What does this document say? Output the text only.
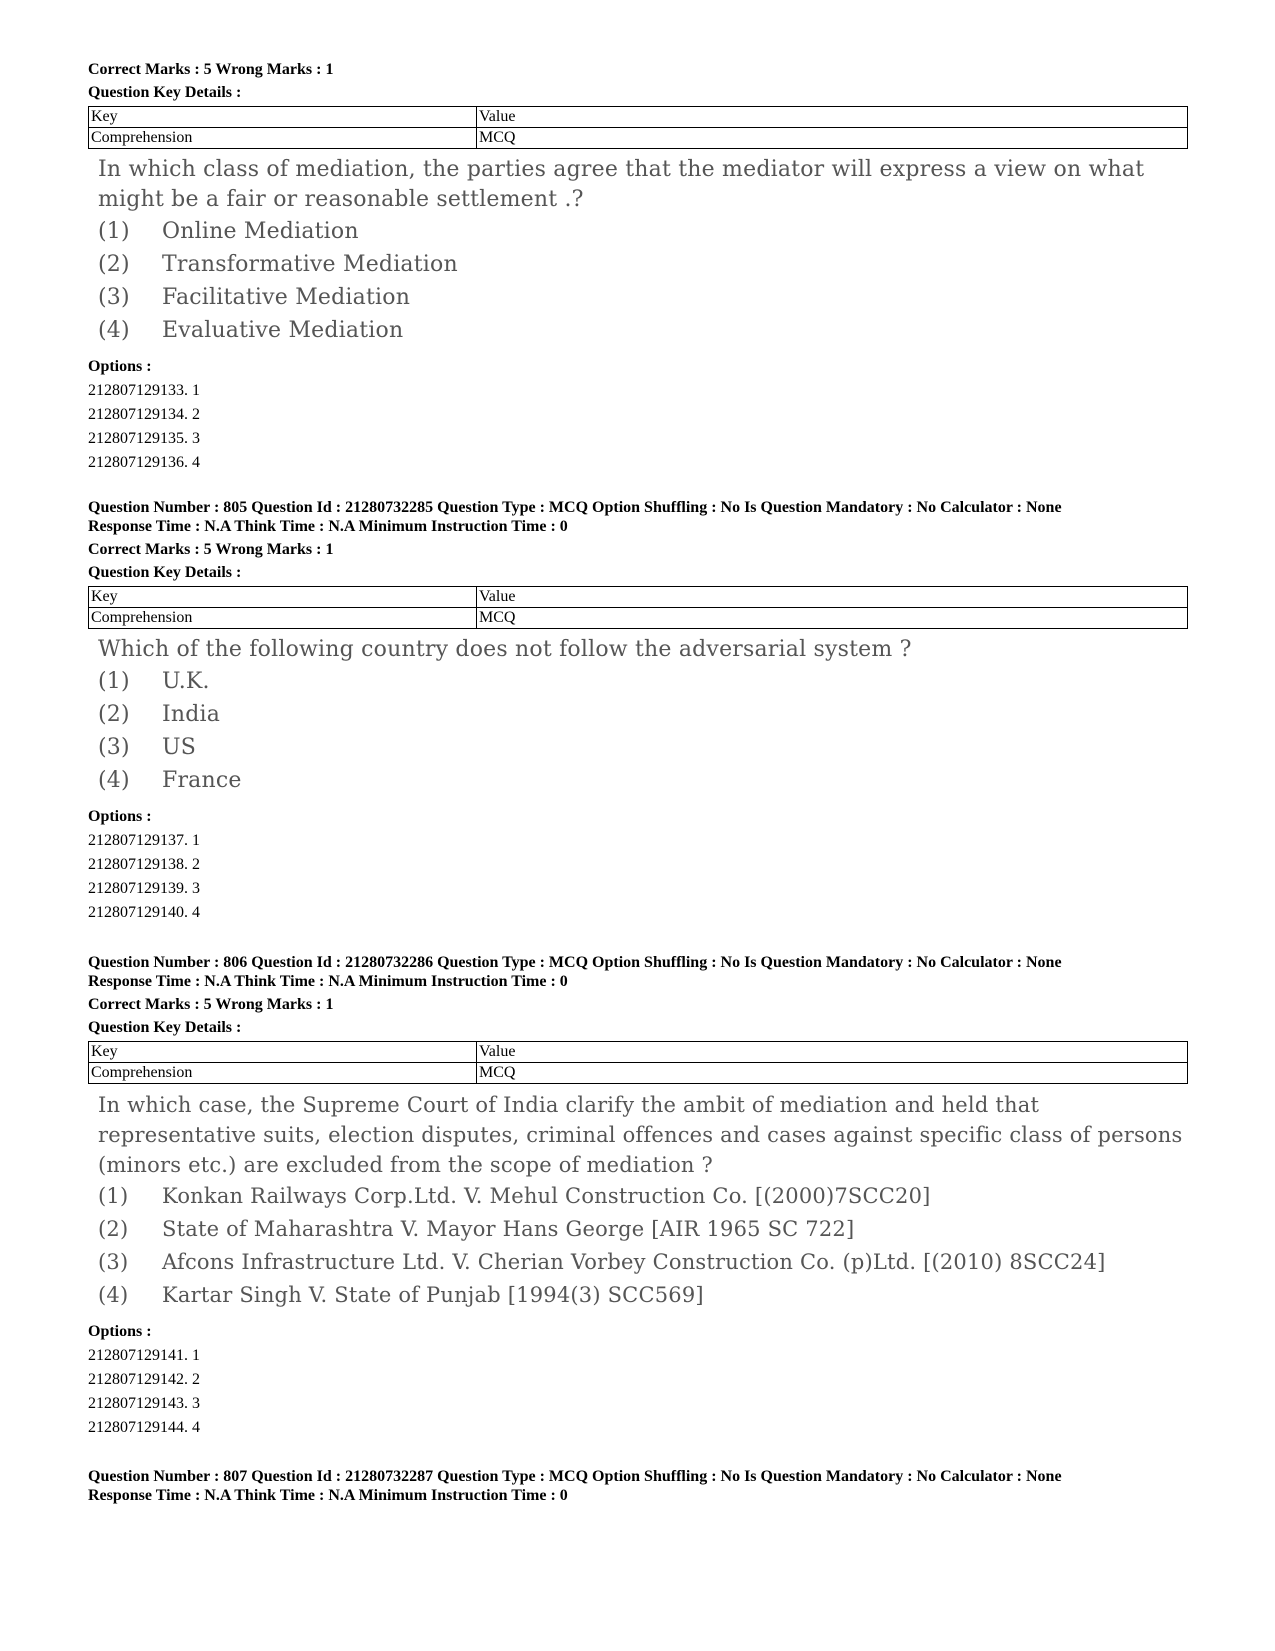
Correct Marks : 5 Wrong Marks : 1
Question Key Details :
Key	Value
Comprehension	MCQ
In which class of mediation, the parties agree that the mediator will express a view on what might be a fair or reasonable settlement .?
(1)	Online Mediation
(2)	Transformative Mediation
(3)	Facilitative Mediation
(4)	Evaluative Mediation
Options :
212807129133. 1
212807129134. 2
212807129135. 3
212807129136. 4
Question Number : 805 Question Id : 21280732285 Question Type : MCQ Option Shuffling : No Is Question Mandatory : No Calculator : None
Response Time : N.A Think Time : N.A Minimum Instruction Time : 0
Correct Marks : 5 Wrong Marks : 1
Question Key Details :
Key	Value
Comprehension	MCQ
Which of the following country does not follow the adversarial system ?
(1)	U.K.
(2)	India
(3)	US
(4)	France
Options :
212807129137. 1
212807129138. 2
212807129139. 3
212807129140. 4
Question Number : 806 Question Id : 21280732286 Question Type : MCQ Option Shuffling : No Is Question Mandatory : No Calculator : None
Response Time : N.A Think Time : N.A Minimum Instruction Time : 0
Correct Marks : 5 Wrong Marks : 1
Question Key Details :
Key	Value
Comprehension	MCQ
In which case, the Supreme Court of India clarify the ambit of mediation and held that representative suits, election disputes, criminal offences and cases against specific class of persons (minors etc.) are excluded from the scope of mediation ?
(1)	Konkan Railways Corp.Ltd. V. Mehul Construction Co. [(2000)7SCC20]
(2)	State of Maharashtra V. Mayor Hans George [AIR 1965 SC 722]
(3)	Afcons Infrastructure Ltd. V. Cherian Vorbey Construction Co. (p)Ltd. [(2010) 8SCC24]
(4)	Kartar Singh V. State of Punjab [1994(3) SCC569]
Options :
212807129141. 1
212807129142. 2
212807129143. 3
212807129144. 4
Question Number : 807 Question Id : 21280732287 Question Type : MCQ Option Shuffling : No Is Question Mandatory : No Calculator : None
Response Time : N.A Think Time : N.A Minimum Instruction Time : 0
